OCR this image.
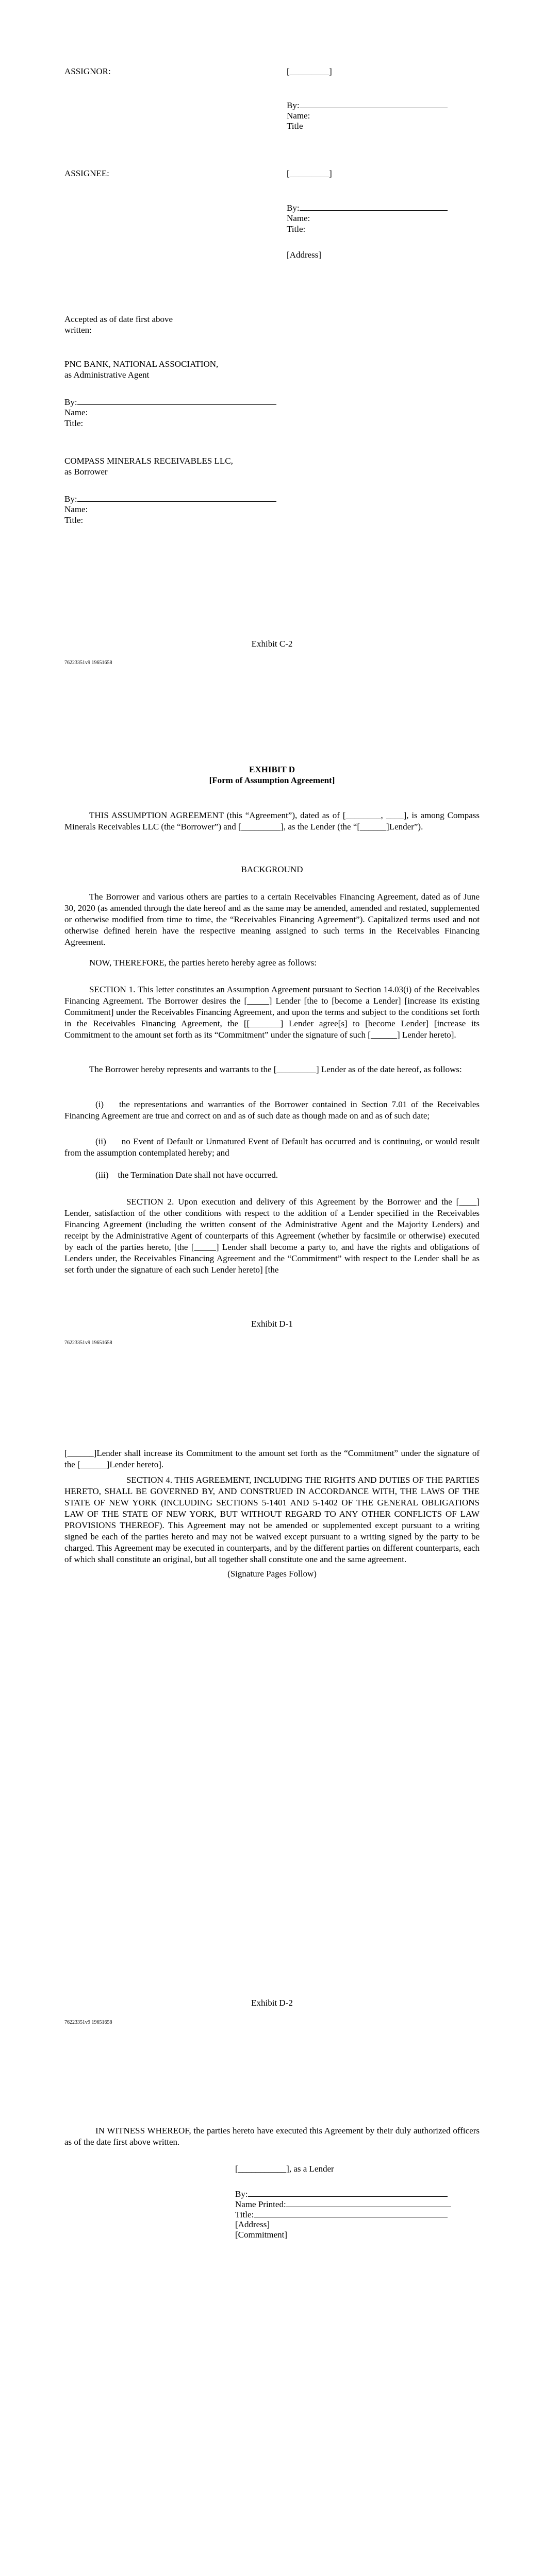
ASSIGNOR:	[_________]
By:
Name:
Title
ASSIGNEE:	[_________]
By:
Name:
Title:
[Address]
Accepted as of date first above
written:
PNC BANK, NATIONAL ASSOCIATION,
as Administrative Agent
By:
Name:
Title:
COMPASS MINERALS RECEIVABLES LLC,
as Borrower
By:
Name:
Title:
Exhibit C-2
76223351v9 19651658
EXHIBIT D
[Form of Assumption Agreement]
THIS ASSUMPTION AGREEMENT (this “Agreement”), dated as of [________, ____], is among Compass Minerals Receivables LLC (the “Borrower”) and [_________], as the Lender (the “[______]Lender”).
BACKGROUND
The Borrower and various others are parties to a certain Receivables Financing Agreement, dated as of June 30, 2020 (as amended through the date hereof and as the same may be amended, amended and restated, supplemented or otherwise modified from time to time, the “Receivables Financing Agreement”). Capitalized terms used and not otherwise defined herein have the respective meaning assigned to such terms in the Receivables Financing Agreement.
NOW, THEREFORE, the parties hereto hereby agree as follows:
SECTION 1. This letter constitutes an Assumption Agreement pursuant to Section 14.03(i) of the Receivables Financing Agreement. The Borrower desires the [_____] Lender [the to [become a Lender] [increase its existing Commitment] under the Receivables Financing Agreement, and upon the terms and subject to the conditions set forth in the Receivables Financing Agreement, the [[_______] Lender agree[s] to [become Lender] [increase its Commitment to the amount set forth as its “Commitment” under the signature of such [______] Lender hereto].
The Borrower hereby represents and warrants to the [_________] Lender as of the date hereof, as follows:
(i) the representations and warranties of the Borrower contained in Section 7.01 of the Receivables Financing Agreement are true and correct on and as of such date as though made on and as of such date;
(ii) no Event of Default or Unmatured Event of Default has occurred and is continuing, or would result from the assumption contemplated hereby; and
(iii) the Termination Date shall not have occurred.
SECTION 2. Upon execution and delivery of this Agreement by the Borrower and the [____] Lender, satisfaction of the other conditions with respect to the addition of a Lender specified in the Receivables Financing Agreement (including the written consent of the Administrative Agent and the Majority Lenders) and receipt by the Administrative Agent of counterparts of this Agreement (whether by facsimile or otherwise) executed by each of the parties hereto, [the [_____] Lender shall become a party to, and have the rights and obligations of Lenders under, the Receivables Financing Agreement and the “Commitment” with respect to the Lender shall be as set forth under the signature of each such Lender hereto] [the
Exhibit D-1
76223351v9 19651658
[______]Lender shall increase its Commitment to the amount set forth as the “Commitment” under the signature of the [______]Lender hereto].
SECTION 4. THIS AGREEMENT, INCLUDING THE RIGHTS AND DUTIES OF THE PARTIES HERETO, SHALL BE GOVERNED BY, AND CONSTRUED IN ACCORDANCE WITH, THE LAWS OF THE STATE OF NEW YORK (INCLUDING SECTIONS 5-1401 AND 5-1402 OF THE GENERAL OBLIGATIONS LAW OF THE STATE OF NEW YORK, BUT WITHOUT REGARD TO ANY OTHER CONFLICTS OF LAW PROVISIONS THEREOF). This Agreement may not be amended or supplemented except pursuant to a writing signed be each of the parties hereto and may not be waived except pursuant to a writing signed by the party to be charged. This Agreement may be executed in counterparts, and by the different parties on different counterparts, each of which shall constitute an original, but all together shall constitute one and the same agreement.
(Signature Pages Follow)
Exhibit D-2
76223351v9 19651658
IN WITNESS WHEREOF, the parties hereto have executed this Agreement by their duly authorized officers as of the date first above written.
[___________], as a Lender
By:
Name Printed:
Title:
[Address]
[Commitment]
